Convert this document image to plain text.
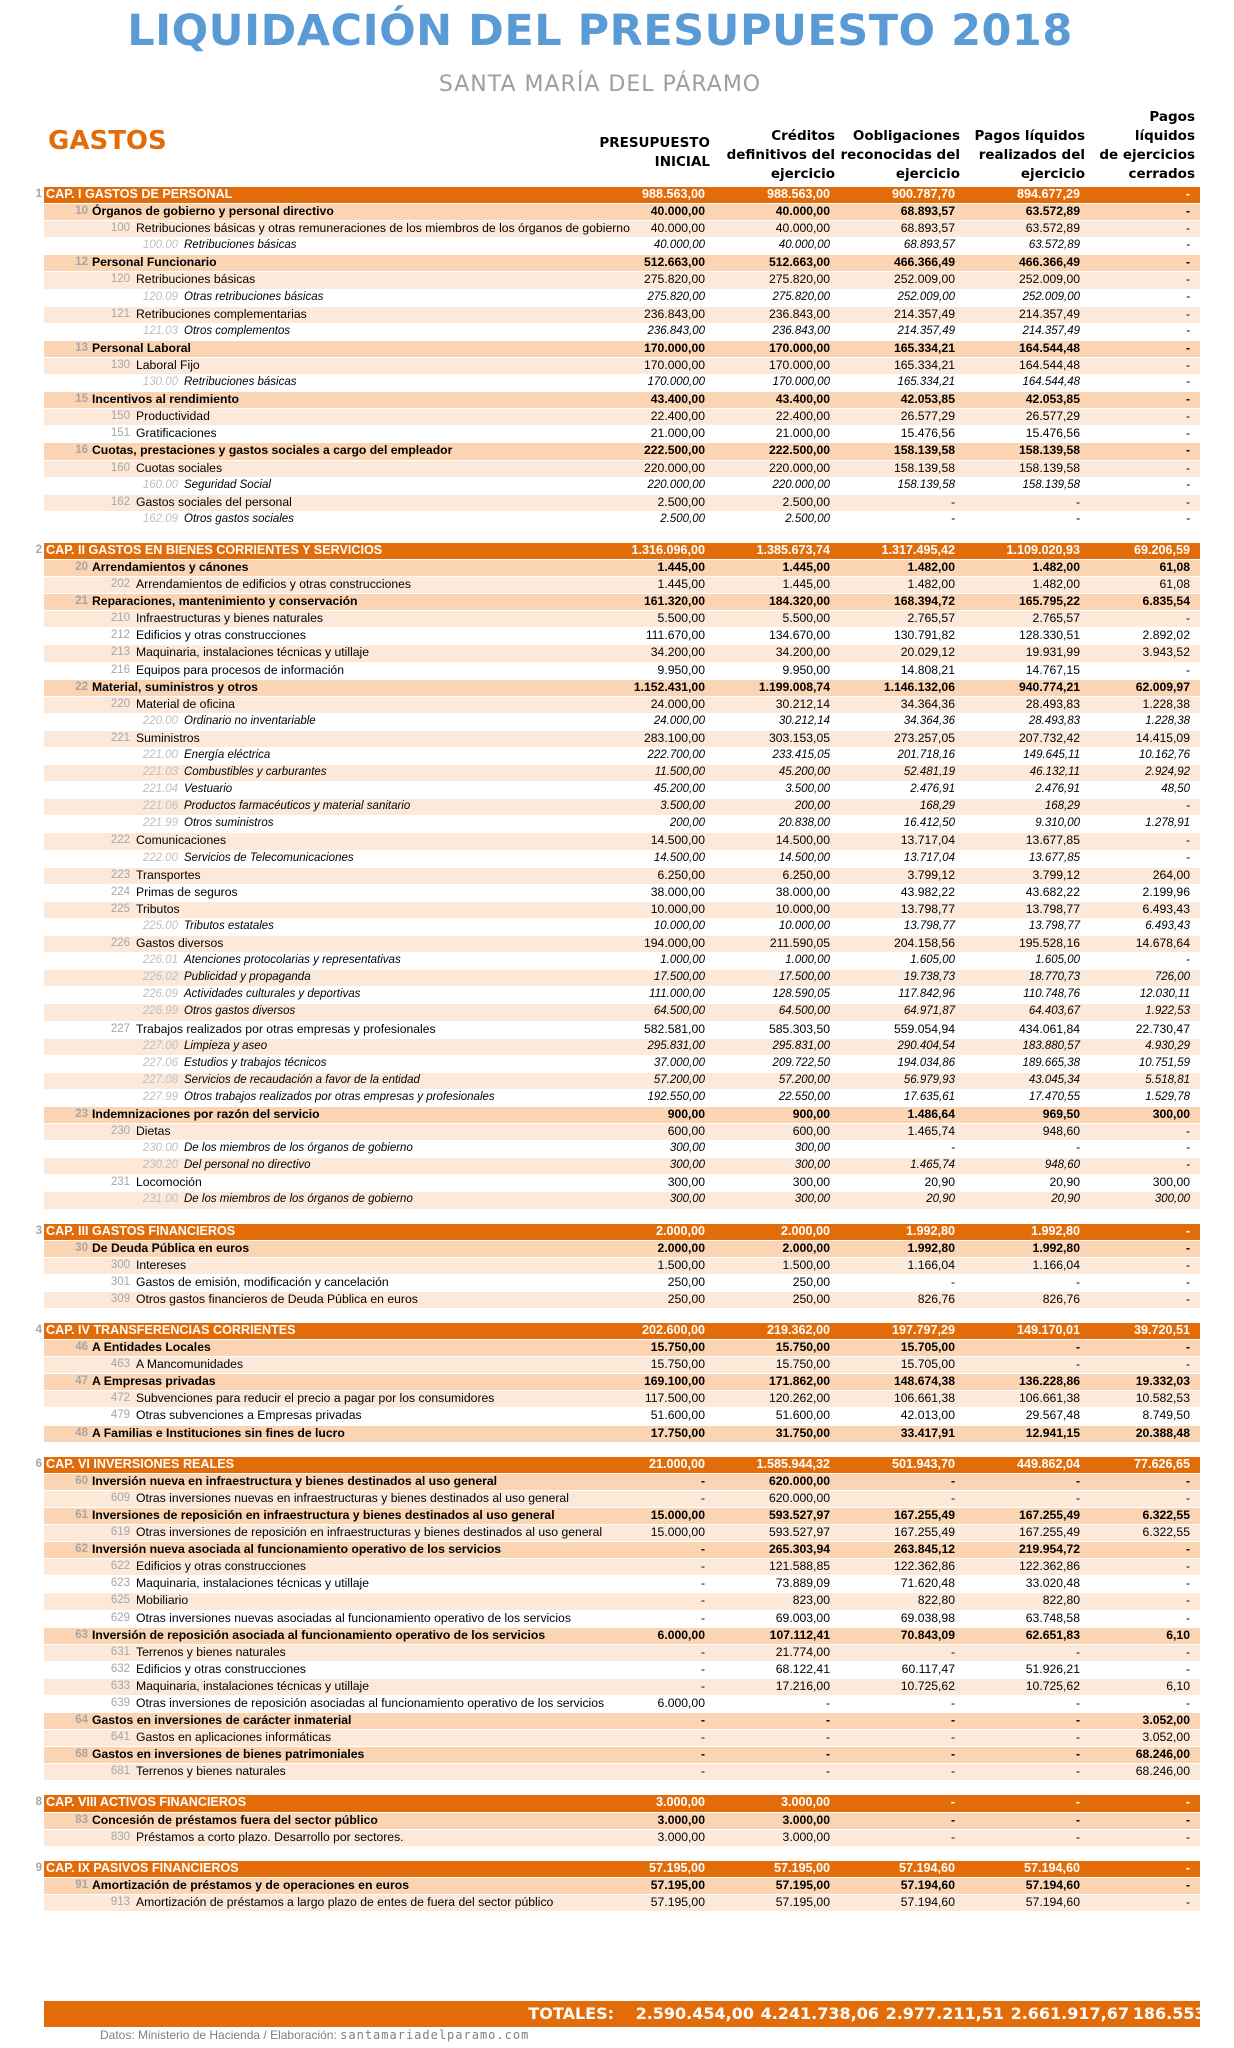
LIQUIDACIÓN DEL PRESUPUESTO 2018
SANTA MARÍA DEL PÁRAMO
GASTOS	PRESUPUESTO
INICIAL
Créditos
definitivos del
ejercicio
Oobligaciones
reconocidas del
ejercicio
Pagos líquidos
realizados del
ejercicio
Pagos líquidos
de ejercicios
cerrados
1 CAP. I GASTOS DE PERSONAL	988.563,00	988.563,00	900.787,70	894.677,29	-
10 Órganos de gobierno y personal directivo	40.000,00	40.000,00	68.893,57	63.572,89	-
100 Retribuciones básicas y otras remuneraciones de los miembros de los órganos de gobierno	40.000,00	40.000,00	68.893,57	63.572,89	-
100.00 Retribuciones básicas	40.000,00	40.000,00	68.893,57	63.572,89	-
12 Personal Funcionario	512.663,00	512.663,00	466.366,49	466.366,49	-
120 Retribuciones básicas	275.820,00	275.820,00	252.009,00	252.009,00	-
120.09 Otras retribuciones básicas	275.820,00	275.820,00	252.009,00	252.009,00	-
121 Retribuciones complementarias	236.843,00	236.843,00	214.357,49	214.357,49	-
121.03 Otros complementos	236.843,00	236.843,00	214.357,49	214.357,49	-
13 Personal Laboral	170.000,00	170.000,00	165.334,21	164.544,48	-
130 Laboral Fijo	170.000,00	170.000,00	165.334,21	164.544,48	-
130.00 Retribuciones básicas	170.000,00	170.000,00	165.334,21	164.544,48	-
15 Incentivos al rendimiento	43.400,00	43.400,00	42.053,85	42.053,85	-
150 Productividad	22.400,00	22.400,00	26.577,29	26.577,29	-
151 Gratificaciones	21.000,00	21.000,00	15.476,56	15.476,56	-
16 Cuotas, prestaciones y gastos sociales a cargo del empleador	222.500,00	222.500,00	158.139,58	158.139,58	-
160 Cuotas sociales	220.000,00	220.000,00	158.139,58	158.139,58	-
160.00 Seguridad Social	220.000,00	220.000,00	158.139,58	158.139,58	-
162 Gastos sociales del personal	2.500,00	2.500,00	-	-	-
162.09 Otros gastos sociales	2.500,00	2.500,00	-	-	-
2 CAP. II GASTOS EN BIENES CORRIENTES Y SERVICIOS	1.316.096,00	1.385.673,74	1.317.495,42	1.109.020,93	69.206,59
20 Arrendamientos y cánones	1.445,00	1.445,00	1.482,00	1.482,00	61,08
202 Arrendamientos de edificios y otras construcciones	1.445,00	1.445,00	1.482,00	1.482,00	61,08
21 Reparaciones, mantenimiento y conservación	161.320,00	184.320,00	168.394,72	165.795,22	6.835,54
210 Infraestructuras y bienes naturales	5.500,00	5.500,00	2.765,57	2.765,57	-
212 Edificios y otras construcciones	111.670,00	134.670,00	130.791,82	128.330,51	2.892,02
213 Maquinaria, instalaciones técnicas y utillaje	34.200,00	34.200,00	20.029,12	19.931,99	3.943,52
216 Equipos para procesos de información	9.950,00	9.950,00	14.808,21	14.767,15	-
22 Material, suministros y otros	1.152.431,00	1.199.008,74	1.146.132,06	940.774,21	62.009,97
220 Material de oficina	24.000,00	30.212,14	34.364,36	28.493,83	1.228,38
220.00 Ordinario no inventariable	24.000,00	30.212,14	34.364,36	28.493,83	1.228,38
221 Suministros	283.100,00	303.153,05	273.257,05	207.732,42	14.415,09
221.00 Energía eléctrica	222.700,00	233.415,05	201.718,16	149.645,11	10.162,76
221.03 Combustibles y carburantes	11.500,00	45.200,00	52.481,19	46.132,11	2.924,92
221.04 Vestuario	45.200,00	3.500,00	2.476,91	2.476,91	48,50
221.06 Productos farmacéuticos y material sanitario	3.500,00	200,00	168,29	168,29	-
221.99 Otros suministros	200,00	20.838,00	16.412,50	9.310,00	1.278,91
222 Comunicaciones	14.500,00	14.500,00	13.717,04	13.677,85	-
222.00 Servicios de Telecomunicaciones	14.500,00	14.500,00	13.717,04	13.677,85	-
223 Transportes	6.250,00	6.250,00	3.799,12	3.799,12	264,00
224 Primas de seguros	38.000,00	38.000,00	43.982,22	43.682,22	2.199,96
225 Tributos	10.000,00	10.000,00	13.798,77	13.798,77	6.493,43
225.00 Tributos estatales	10.000,00	10.000,00	13.798,77	13.798,77	6.493,43
226 Gastos diversos	194.000,00	211.590,05	204.158,56	195.528,16	14.678,64
226.01 Atenciones protocolarias y representativas	1.000,00	1.000,00	1.605,00	1.605,00	-
226.02 Publicidad y propaganda	17.500,00	17.500,00	19.738,73	18.770,73	726,00
226.09 Actividades culturales y deportivas	111.000,00	128.590,05	117.842,96	110.748,76	12.030,11
226.99 Otros gastos diversos	64.500,00	64.500,00	64.971,87	64.403,67	1.922,53
227 Trabajos realizados por otras empresas y profesionales	582.581,00	585.303,50	559.054,94	434.061,84	22.730,47
227.00 Limpieza y aseo	295.831,00	295.831,00	290.404,54	183.880,57	4.930,29
227.06 Estudios y trabajos técnicos	37.000,00	209.722,50	194.034,86	189.665,38	10.751,59
227.08 Servicios de recaudación a favor de la entidad	57.200,00	57.200,00	56.979,93	43.045,34	5.518,81
227.99 Otros trabajos realizados por otras empresas y profesionales	192.550,00	22.550,00	17.635,61	17.470,55	1.529,78
23 Indemnizaciones por razón del servicio	900,00	900,00	1.486,64	969,50	300,00
230 Dietas	600,00	600,00	1.465,74	948,60	-
230.00 De los miembros de los órganos de gobierno	300,00	300,00	-	-	-
230.20 Del personal no directivo	300,00	300,00	1.465,74	948,60	-
231 Locomoción	300,00	300,00	20,90	20,90	300,00
231.00 De los miembros de los órganos de gobierno	300,00	300,00	20,90	20,90	300,00
3 CAP. III GASTOS FINANCIEROS	2.000,00	2.000,00	1.992,80	1.992,80	-
30 De Deuda Pública en euros	2.000,00	2.000,00	1.992,80	1.992,80	-
300 Intereses	1.500,00	1.500,00	1.166,04	1.166,04	-
301 Gastos de emisión, modificación y cancelación	250,00	250,00	-	-	-
309 Otros gastos financieros de Deuda Pública en euros	250,00	250,00	826,76	826,76	-
4 CAP. IV TRANSFERENCIAS CORRIENTES	202.600,00	219.362,00	197.797,29	149.170,01	39.720,51
46 A Entidades Locales	15.750,00	15.750,00	15.705,00	-	-
463 A Mancomunidades	15.750,00	15.750,00	15.705,00	-	-
47 A Empresas privadas	169.100,00	171.862,00	148.674,38	136.228,86	19.332,03
472 Subvenciones para reducir el precio a pagar por los consumidores	117.500,00	120.262,00	106.661,38	106.661,38	10.582,53
479 Otras subvenciones a Empresas privadas	51.600,00	51.600,00	42.013,00	29.567,48	8.749,50
48 A Familias e Instituciones sin fines de lucro	17.750,00	31.750,00	33.417,91	12.941,15	20.388,48
6 CAP. VI INVERSIONES REALES	21.000,00	1.585.944,32	501.943,70	449.862,04	77.626,65
60 Inversión nueva en infraestructura y bienes destinados al uso general	-	620.000,00	-	-	-
609 Otras inversiones nuevas en infraestructuras y bienes destinados al uso general	-	620.000,00	-	-	-
61 Inversiones de reposición en infraestructura y bienes destinados al uso general	15.000,00	593.527,97	167.255,49	167.255,49	6.322,55
619 Otras inversiones de reposición en infraestructuras y bienes destinados al uso general	15.000,00	593.527,97	167.255,49	167.255,49	6.322,55
62 Inversión nueva asociada al funcionamiento operativo de los servicios	-	265.303,94	263.845,12	219.954,72	-
622 Edificios y otras construcciones	-	121.588,85	122.362,86	122.362,86	-
623 Maquinaria, instalaciones técnicas y utillaje	-	73.889,09	71.620,48	33.020,48	-
625 Mobiliario	-	823,00	822,80	822,80	-
629 Otras inversiones nuevas asociadas al funcionamiento operativo de los servicios	-	69.003,00	69.038,98	63.748,58	-
63 Inversión de reposición asociada al funcionamiento operativo de los servicios	6.000,00	107.112,41	70.843,09	62.651,83	6,10
631 Terrenos y bienes naturales	-	21.774,00	-	-	-
632 Edificios y otras construcciones	-	68.122,41	60.117,47	51.926,21	-
633 Maquinaria, instalaciones técnicas y utillaje	-	17.216,00	10.725,62	10.725,62	6,10
639 Otras inversiones de reposición asociadas al funcionamiento operativo de los servicios	6.000,00	-	-	-	-
64 Gastos en inversiones de carácter inmaterial	-	-	-	-	3.052,00
641 Gastos en aplicaciones informáticas	-	-	-	-	3.052,00
68 Gastos en inversiones de bienes patrimoniales	-	-	-	-	68.246,00
681 Terrenos y bienes naturales	-	-	-	-	68.246,00
8 CAP. VIII ACTIVOS FINANCIEROS	3.000,00	3.000,00	-	-	-
83 Concesión de préstamos fuera del sector público	3.000,00	3.000,00	-	-	-
830 Préstamos a corto plazo. Desarrollo por sectores.	3.000,00	3.000,00	-	-	-
9 CAP. IX PASIVOS FINANCIEROS	57.195,00	57.195,00	57.194,60	57.194,60	-
91 Amortización de préstamos y de operaciones en euros	57.195,00	57.195,00	57.194,60	57.194,60	-
913 Amortización de préstamos a largo plazo de entes de fuera del sector público	57.195,00	57.195,00	57.194,60	57.194,60	-
TOTALES:	2.590.454,00 4.241.738,06 2.977.211,51 2.661.917,67 186.553,75
Datos: Ministerio de Hacienda / Elaboración: santamariadelparamo.com
